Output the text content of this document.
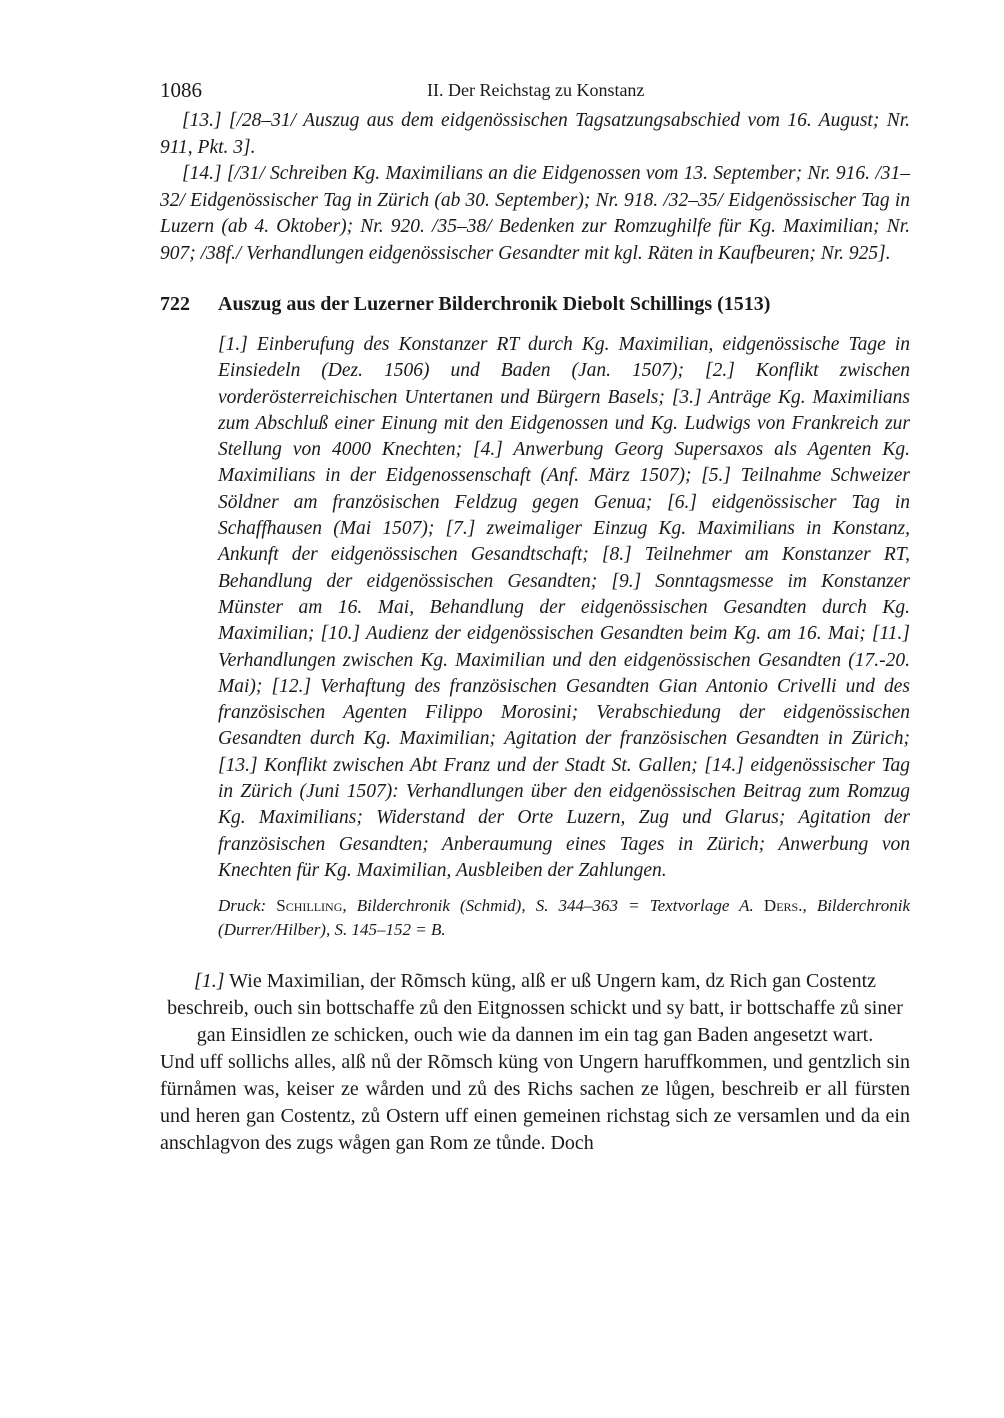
1086	II. Der Reichstag zu Konstanz

[13.] [/28–31/ Auszug aus dem eidgenössischen Tagsatzungsabschied vom 16. August; Nr. 911, Pkt. 3].

[14.] [/31/ Schreiben Kg. Maximilians an die Eidgenossen vom 13. September; Nr. 916. /31–32/ Eidgenössischer Tag in Zürich (ab 30. September); Nr. 918. /32–35/ Eidgenössischer Tag in Luzern (ab 4. Oktober); Nr. 920. /35–38/ Bedenken zur Romzughilfe für Kg. Maximilian; Nr. 907; /38f./ Verhandlungen eidgenössischer Gesandter mit kgl. Räten in Kaufbeuren; Nr. 925].

722	Auszug aus der Luzerner Bilderchronik Diebolt Schillings (1513)
[1.] Einberufung des Konstanzer RT durch Kg. Maximilian, eidgenössische Tage in Einsiedeln (Dez. 1506) und Baden (Jan. 1507); [2.] Konflikt zwischen vorderösterreichischen Untertanen und Bürgern Basels; [3.] Anträge Kg. Maximilians zum Abschluß einer Einung mit den Eidgenossen und Kg. Ludwigs von Frankreich zur Stellung von 4000 Knechten; [4.] Anwerbung Georg Supersaxos als Agenten Kg. Maximilians in der Eidgenossenschaft (Anf. März 1507); [5.] Teilnahme Schweizer Söldner am französischen Feldzug gegen Genua; [6.] eidgenössischer Tag in Schaffhausen (Mai 1507); [7.] zweimaliger Einzug Kg. Maximilians in Konstanz, Ankunft der eidgenössischen Gesandtschaft; [8.] Teilnehmer am Konstanzer RT, Behandlung der eidgenössischen Gesandten; [9.] Sonntagsmesse im Konstanzer Münster am 16. Mai, Behandlung der eidgenössischen Gesandten durch Kg. Maximilian; [10.] Audienz der eidgenössischen Gesandten beim Kg. am 16. Mai; [11.] Verhandlungen zwischen Kg. Maximilian und den eidgenössischen Gesandten (17.-20. Mai); [12.] Verhaftung des französischen Gesandten Gian Antonio Crivelli und des französischen Agenten Filippo Morosini; Verabschiedung der eidgenössischen Gesandten durch Kg. Maximilian; Agitation der französischen Gesandten in Zürich; [13.] Konflikt zwischen Abt Franz und der Stadt St. Gallen; [14.] eidgenössischer Tag in Zürich (Juni 1507): Verhandlungen über den eidgenössischen Beitrag zum Romzug Kg. Maximilians; Widerstand der Orte Luzern, Zug und Glarus; Agitation der französischen Gesandten; Anberaumung eines Tages in Zürich; Anwerbung von Knechten für Kg. Maximilian, Ausbleiben der Zahlungen.
Druck: Schilling, Bilderchronik (Schmid), S. 344–363 = Textvorlage A. Ders., Bilderchronik (Durrer/Hilber), S. 145–152 = B.

[1.] Wie Maximilian, der Rõmsch küng, alß er uß Ungern kam, dz Rich gan Costentz beschreib, ouch sin bottschaffe zů den Eitgnossen schickt und sy batt, ir bottschaffe zů siner gan Einsidlen ze schicken, ouch wie da dannen im ein tag gan Baden angesetzt wart.

Und uff sollichs alles, alß nů der Rõmsch küng von Ungern haruffkommen, und gentzlich sin fürnåmen was, keiser ze wården und zů des Richs sachen ze lůgen, beschreib er all fürsten und heren gan Costentz, zů Ostern uff einen gemeinen richstag sich ze versamlen und da ein anschlagvon des zugs wågen gan Rom ze tůnde. Doch
